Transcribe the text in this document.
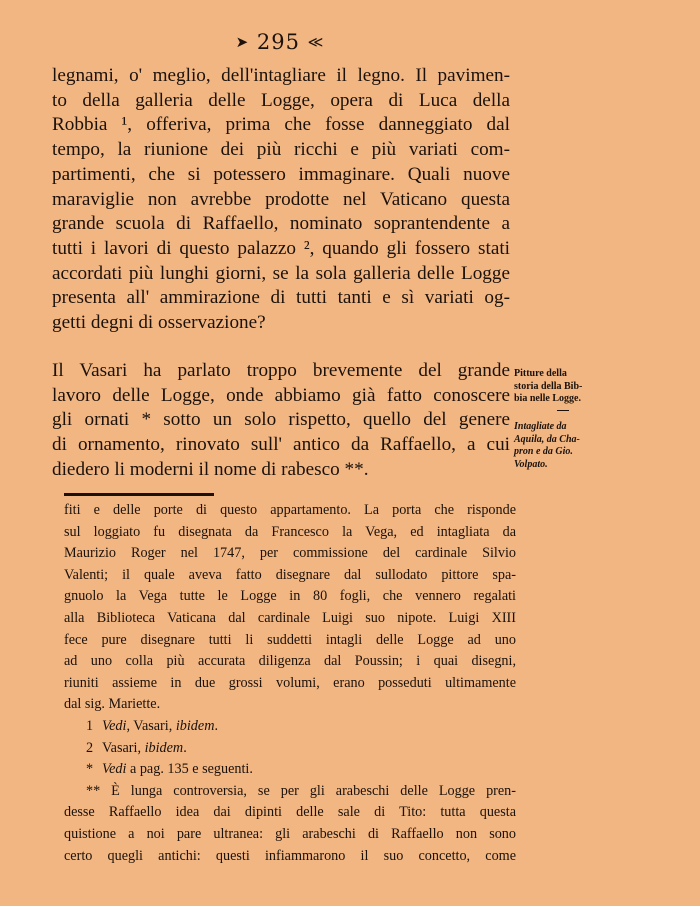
➤ 295 ≪
legnami, o' meglio, dell'intagliare il legno. Il pavimen-
to della galleria delle Logge, opera di Luca della
Robbia ¹, offeriva, prima che fosse danneggiato dal
tempo, la riunione dei più ricchi e più variati com-
partimenti, che si potessero immaginare. Quali nuove
maraviglie non avrebbe prodotte nel Vaticano questa
grande scuola di Raffaello, nominato soprantendente a
tutti i lavori di questo palazzo ², quando gli fossero stati
accordati più lunghi giorni, se la sola galleria delle Logge
presenta all' ammirazione di tutti tanti e sì variati og-
getti degni di osservazione?
Il Vasari ha parlato troppo brevemente del grande
lavoro delle Logge, onde abbiamo già fatto conoscere
gli ornati * sotto un solo rispetto, quello del genere
di ornamento, rinovato sull' antico da Raffaello, a cui
diedero li moderni il nome di rabesco **.
Pitture della
storia della Bib-
bia nelle Logge.
Intagliate da
Aquila, da Cha-
pron e da Gio.
Volpato.
fiti e delle porte di questo appartamento. La porta che risponde
sul loggiato fu disegnata da Francesco la Vega, ed intagliata da
Maurizio Roger nel 1747, per commissione del cardinale Silvio
Valenti; il quale aveva fatto disegnare dal sullodato pittore spa-
gnuolo la Vega tutte le Logge in 80 fogli, che vennero regalati
alla Biblioteca Vaticana dal cardinale Luigi suo nipote. Luigi XIII
fece pure disegnare tutti li suddetti intagli delle Logge ad uno
ad uno colla più accurata diligenza dal Poussin; i quai disegni,
riuniti assieme in due grossi volumi, erano posseduti ultimamente
dal sig. Mariette.
1 Vedi, Vasari, ibidem.
2 Vasari, ibidem.
* Vedi a pag. 135 e seguenti.
** È lunga controversia, se per gli arabeschi delle Logge pren-
desse Raffaello idea dai dipinti delle sale di Tito: tutta questa
quistione a noi pare ultranea: gli arabeschi di Raffaello non sono
certo quegli antichi: questi infiammarono il suo concetto, come
